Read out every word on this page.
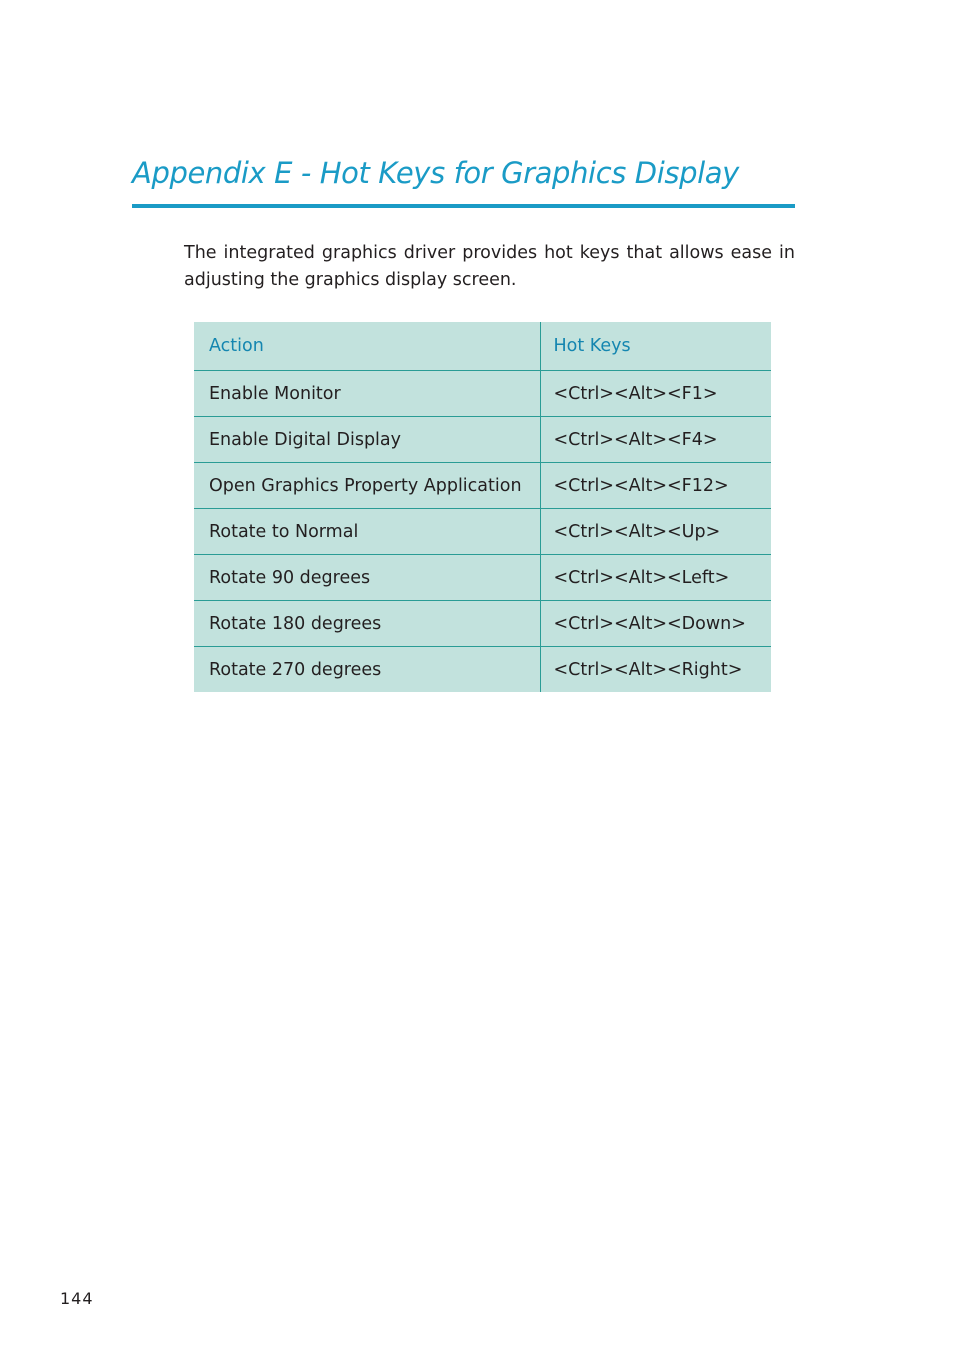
Appendix E - Hot Keys for Graphics Display

The integrated graphics driver provides hot keys that allows ease in adjusting the graphics display screen.

Action	Hot Keys
Enable Monitor	<Ctrl><Alt><F1>
Enable Digital Display	<Ctrl><Alt><F4>
Open Graphics Property Application	<Ctrl><Alt><F12>
Rotate to Normal	<Ctrl><Alt><Up>
Rotate 90 degrees	<Ctrl><Alt><Left>
Rotate 180 degrees	<Ctrl><Alt><Down>
Rotate 270 degrees	<Ctrl><Alt><Right>
144
